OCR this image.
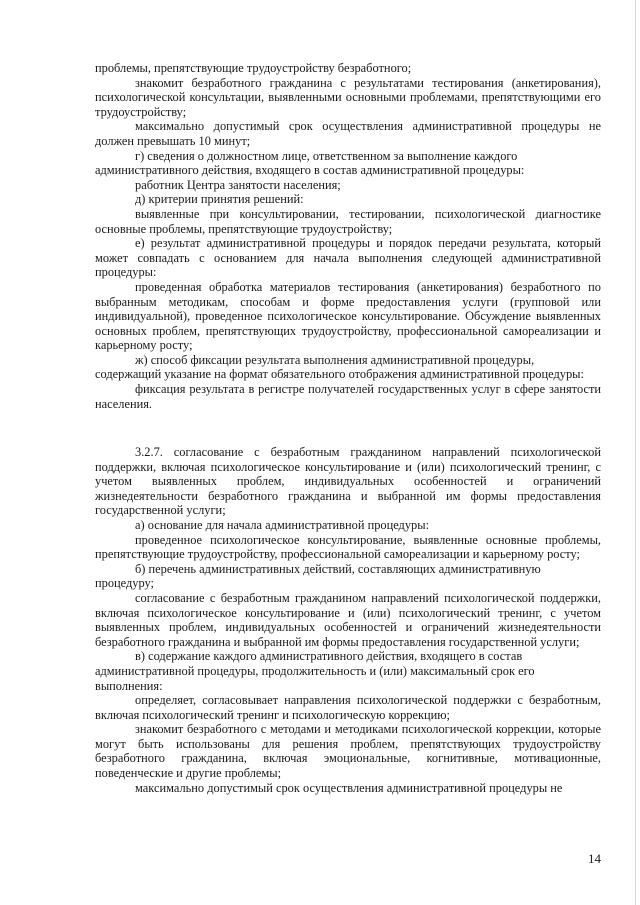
проблемы, препятствующие трудоустройству безработного;

знакомит безработного гражданина с результатами тестирования (анкетирования), психологической консультации, выявленными основными проблемами, препятствующими его трудоустройству;

максимально допустимый срок осуществления административной процедуры не должен превышать 10 минут;

г) сведения о должностном лице, ответственном за выполнение каждого административного действия, входящего в состав административной процедуры:

работник Центра занятости населения;

д) критерии принятия решений:

выявленные при консультировании, тестировании, психологической диагностике основные проблемы, препятствующие трудоустройству;

е) результат административной процедуры и порядок передачи результата, который может совпадать с основанием для начала выполнения следующей административной процедуры:

проведенная обработка материалов тестирования (анкетирования) безработного по выбранным методикам, способам и форме предоставления услуги (групповой или индивидуальной), проведенное психологическое консультирование. Обсуждение выявленных основных проблем, препятствующих трудоустройству, профессиональной самореализации и карьерному росту;

ж) способ фиксации результата выполнения административной процедуры, содержащий указание на формат обязательного отображения административной процедуры:

фиксация результата в регистре получателей государственных услуг в сфере занятости населения.

3.2.7. согласование с безработным гражданином направлений психологической поддержки, включая психологическое консультирование и (или) психологический тренинг, с учетом выявленных проблем, индивидуальных особенностей и ограничений жизнедеятельности безработного гражданина и выбранной им формы предоставления государственной услуги;

а) основание для начала административной процедуры:

проведенное психологическое консультирование, выявленные основные проблемы, препятствующие трудоустройству, профессиональной самореализации и карьерному росту;

б) перечень административных действий, составляющих административную процедуру;

согласование с безработным гражданином направлений психологической поддержки, включая психологическое консультирование и (или) психологический тренинг, с учетом выявленных проблем, индивидуальных особенностей и ограничений жизнедеятельности безработного гражданина и выбранной им формы предоставления государственной услуги;

в) содержание каждого административного действия, входящего в состав административной процедуры, продолжительность и (или) максимальный срок его выполнения:

определяет, согласовывает направления психологической поддержки с безработным, включая психологический тренинг и психологическую коррекцию;

знакомит безработного с методами и методиками психологической коррекции, которые могут быть использованы для решения проблем, препятствующих трудоустройству безработного гражданина, включая эмоциональные, когнитивные, мотивационные, поведенческие и другие проблемы;

максимально допустимый срок осуществления административной процедуры не

14
